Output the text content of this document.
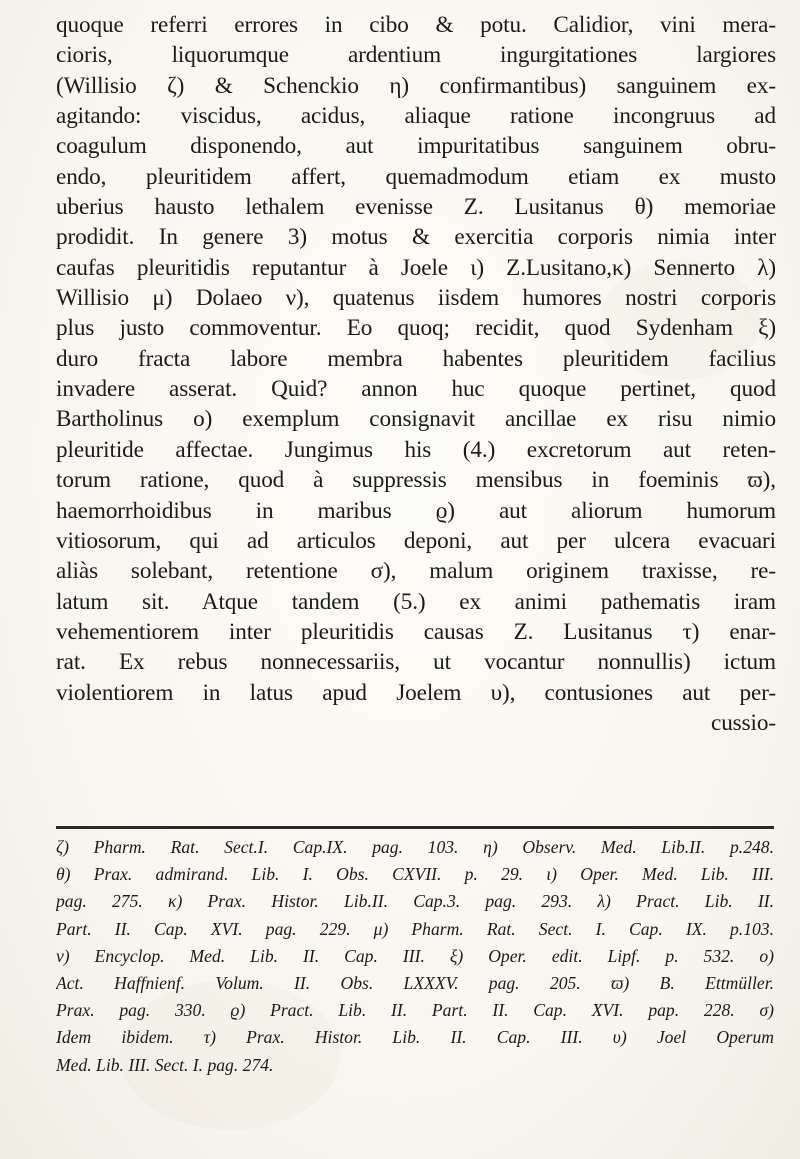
quoque referri errores in cibo & potu. Calidior, vini mera-
cioris, liquorumque ardentium ingurgitationes largiores
(Willisio ζ) & Schenckio η) confirmantibus) sanguinem ex-
agitando: viscidus, acidus, aliaque ratione incongruus ad
coagulum disponendo, aut impuritatibus sanguinem obru-
endo, pleuritidem affert, quemadmodum etiam ex musto
uberius hausto lethalem evenisse Z. Lusitanus θ) memoriae
prodidit. In genere 3) motus & exercitia corporis nimia inter
caufas pleuritidis reputantur à Joele ι) Z.Lusitano,κ) Sennerto λ)
Willisio μ) Dolaeo ν), quatenus iisdem humores nostri corporis
plus justo commoventur. Eo quoq; recidit, quod Sydenham ξ)
duro fracta labore membra habentes pleuritidem facilius
invadere asserat. Quid? annon huc quoque pertinet, quod
Bartholinus ο) exemplum consignavit ancillae ex risu nimio
pleuritide affectae. Jungimus his (4.) excretorum aut reten-
torum ratione, quod à suppressis mensibus in foeminis ϖ),
haemorrhoidibus in maribus ϱ) aut aliorum humorum
vitiosorum, qui ad articulos deponi, aut per ulcera evacuari
aliàs solebant, retentione σ), malum originem traxisse, re-
latum sit. Atque tandem (5.) ex animi pathematis iram
vehementiorem inter pleuritidis causas Z. Lusitanus τ) enar-
rat. Ex rebus nonnecessariis, ut vocantur nonnullis) ictum
violentiorem in latus apud Joelem υ), contusiones aut per-
cussio-
ζ) Pharm. Rat. Sect.I. Cap.IX. pag. 103. η) Observ. Med. Lib.II. p.248.
θ) Prax. admirand. Lib. I. Obs. CXVII. p. 29. ι) Oper. Med. Lib. III.
pag. 275. κ) Prax. Histor. Lib.II. Cap.3. pag. 293. λ) Pract. Lib. II.
Part. II. Cap. XVI. pag. 229. μ) Pharm. Rat. Sect. I. Cap. IX. p.103.
ν) Encyclop. Med. Lib. II. Cap. III. ξ) Oper. edit. Lipf. p. 532. ο)
Act. Haffnienf. Volum. II. Obs. LXXXV. pag. 205. ϖ) B. Ettmüller.
Prax. pag. 330. ϱ) Pract. Lib. II. Part. II. Cap. XVI. pap. 228. σ)
Idem ibidem. τ) Prax. Histor. Lib. II. Cap. III. υ) Joel Operum
Med. Lib. III. Sect. I. pag. 274.
